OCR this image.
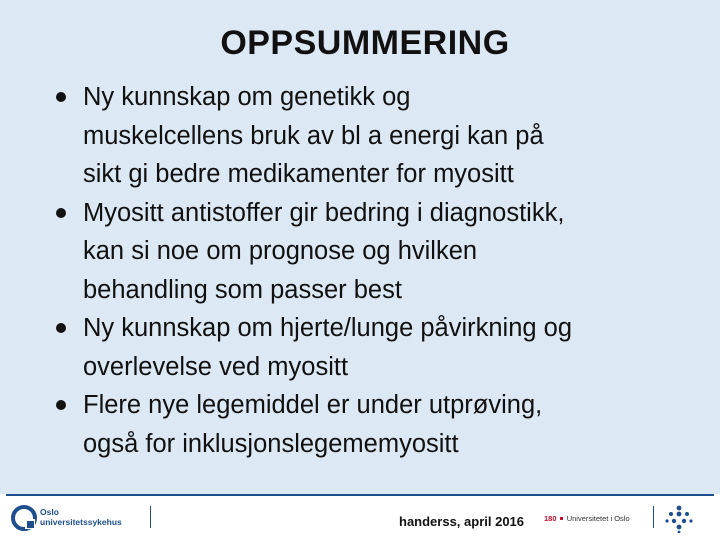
OPPSUMMERING
Ny kunnskap om genetikk og
muskelcellens bruk av bl a energi kan på
sikt gi bedre medikamenter for myositt
Myositt antistoffer gir bedring i diagnostikk,
kan si noe om prognose og hvilken
behandling som passer best
Ny kunnskap om hjerte/lunge påvirkning og
overlevelse ved myositt
Flere nye legemiddel er under utprøving,
også for inklusjonslegememyositt
Oslo
universitetssykehus	handerss, april 2016	180 Universitetet i Oslo
